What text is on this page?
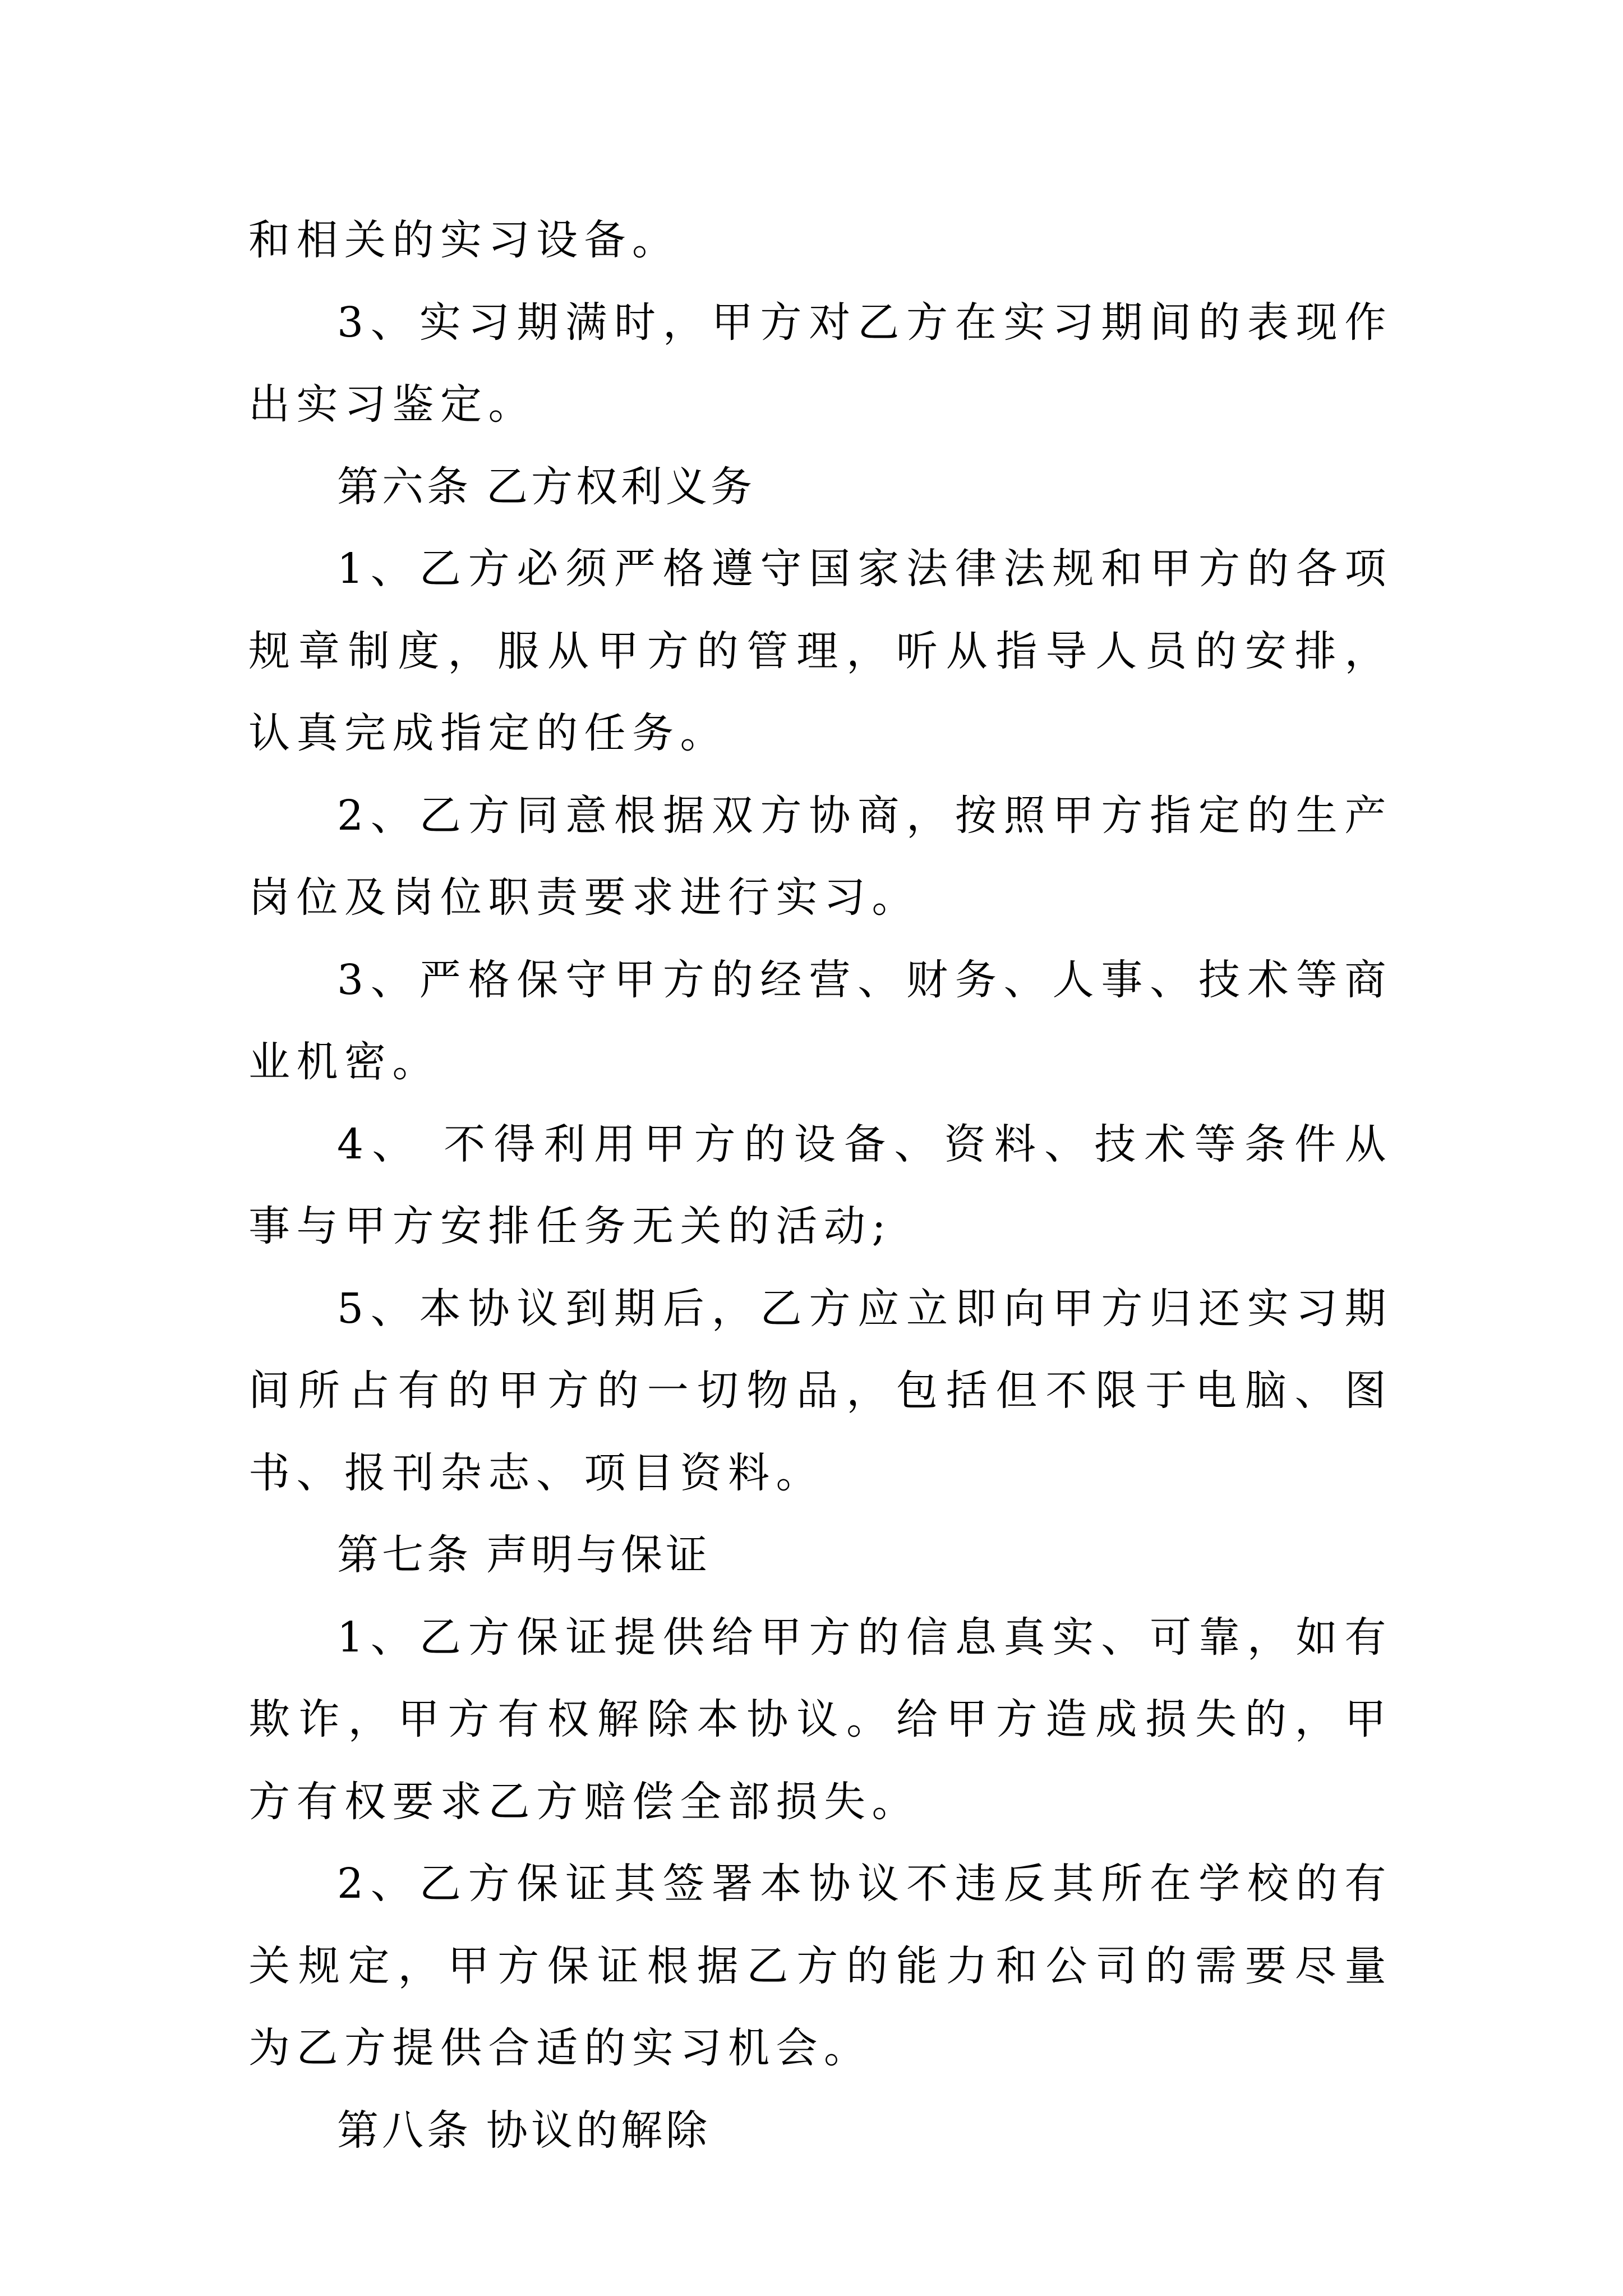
和相关的实习设备。

3、实习期满时，甲方对乙方在实习期间的表现作出实习鉴定。

第六条 乙方权利义务

1、乙方必须严格遵守国家法律法规和甲方的各项规章制度，服从甲方的管理，听从指导人员的安排，认真完成指定的任务。

2、乙方同意根据双方协商，按照甲方指定的生产岗位及岗位职责要求进行实习。

3、严格保守甲方的经营、财务、人事、技术等商业机密。

4、 不得利用甲方的设备、资料、技术等条件从事与甲方安排任务无关的活动;

5、本协议到期后，乙方应立即向甲方归还实习期间所占有的甲方的一切物品，包括但不限于电脑、图书、报刊杂志、项目资料。

第七条 声明与保证

1、乙方保证提供给甲方的信息真实、可靠，如有欺诈，甲方有权解除本协议。给甲方造成损失的，甲方有权要求乙方赔偿全部损失。

2、乙方保证其签署本协议不违反其所在学校的有关规定，甲方保证根据乙方的能力和公司的需要尽量为乙方提供合适的实习机会。

第八条 协议的解除
